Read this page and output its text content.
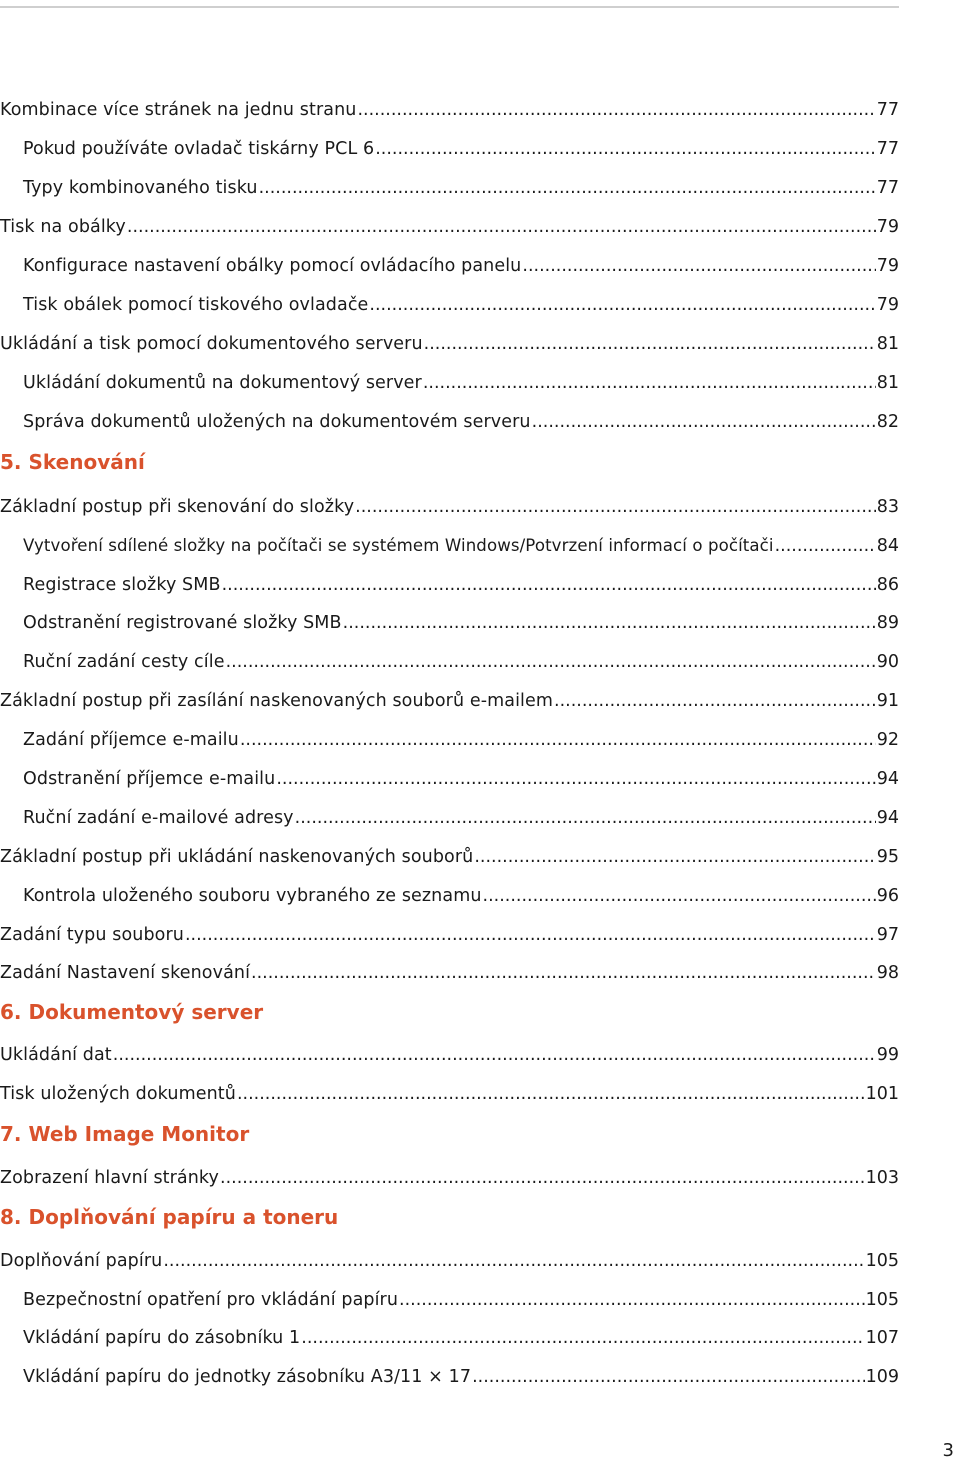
Kombinace více stránek na jednu stranu .....	77
Pokud používáte ovladač tiskárny PCL 6 .....	77
Typy kombinovaného tisku .....	77
Tisk na obálky .....	79
Konfigurace nastavení obálky pomocí ovládacího panelu .....	79
Tisk obálek pomocí tiskového ovladače .....	79
Ukládání a tisk pomocí dokumentového serveru .....	81
Ukládání dokumentů na dokumentový server .....	81
Správa dokumentů uložených na dokumentovém serveru .....	82
5. Skenování
Základní postup při skenování do složky .....	83
Vytvoření sdílené složky na počítači se systémem Windows/Potvrzení informací o počítači .....	84
Registrace složky SMB .....	86
Odstranění registrované složky SMB .....	89
Ruční zadání cesty cíle .....	90
Základní postup při zasílání naskenovaných souborů e-mailem .....	91
Zadání příjemce e-mailu .....	92
Odstranění příjemce e-mailu .....	94
Ruční zadání e-mailové adresy .....	94
Základní postup při ukládání naskenovaných souborů .....	95
Kontrola uloženého souboru vybraného ze seznamu .....	96
Zadání typu souboru .....	97
Zadání Nastavení skenování .....	98
6. Dokumentový server
Ukládání dat .....	99
Tisk uložených dokumentů .....	101
7. Web Image Monitor
Zobrazení hlavní stránky .....	103
8. Doplňování papíru a toneru
Doplňování papíru .....	105
Bezpečnostní opatření pro vkládání papíru .....	105
Vkládání papíru do zásobníku 1 .....	107
Vkládání papíru do jednotky zásobníku A3/11 × 17 .....	109
3
